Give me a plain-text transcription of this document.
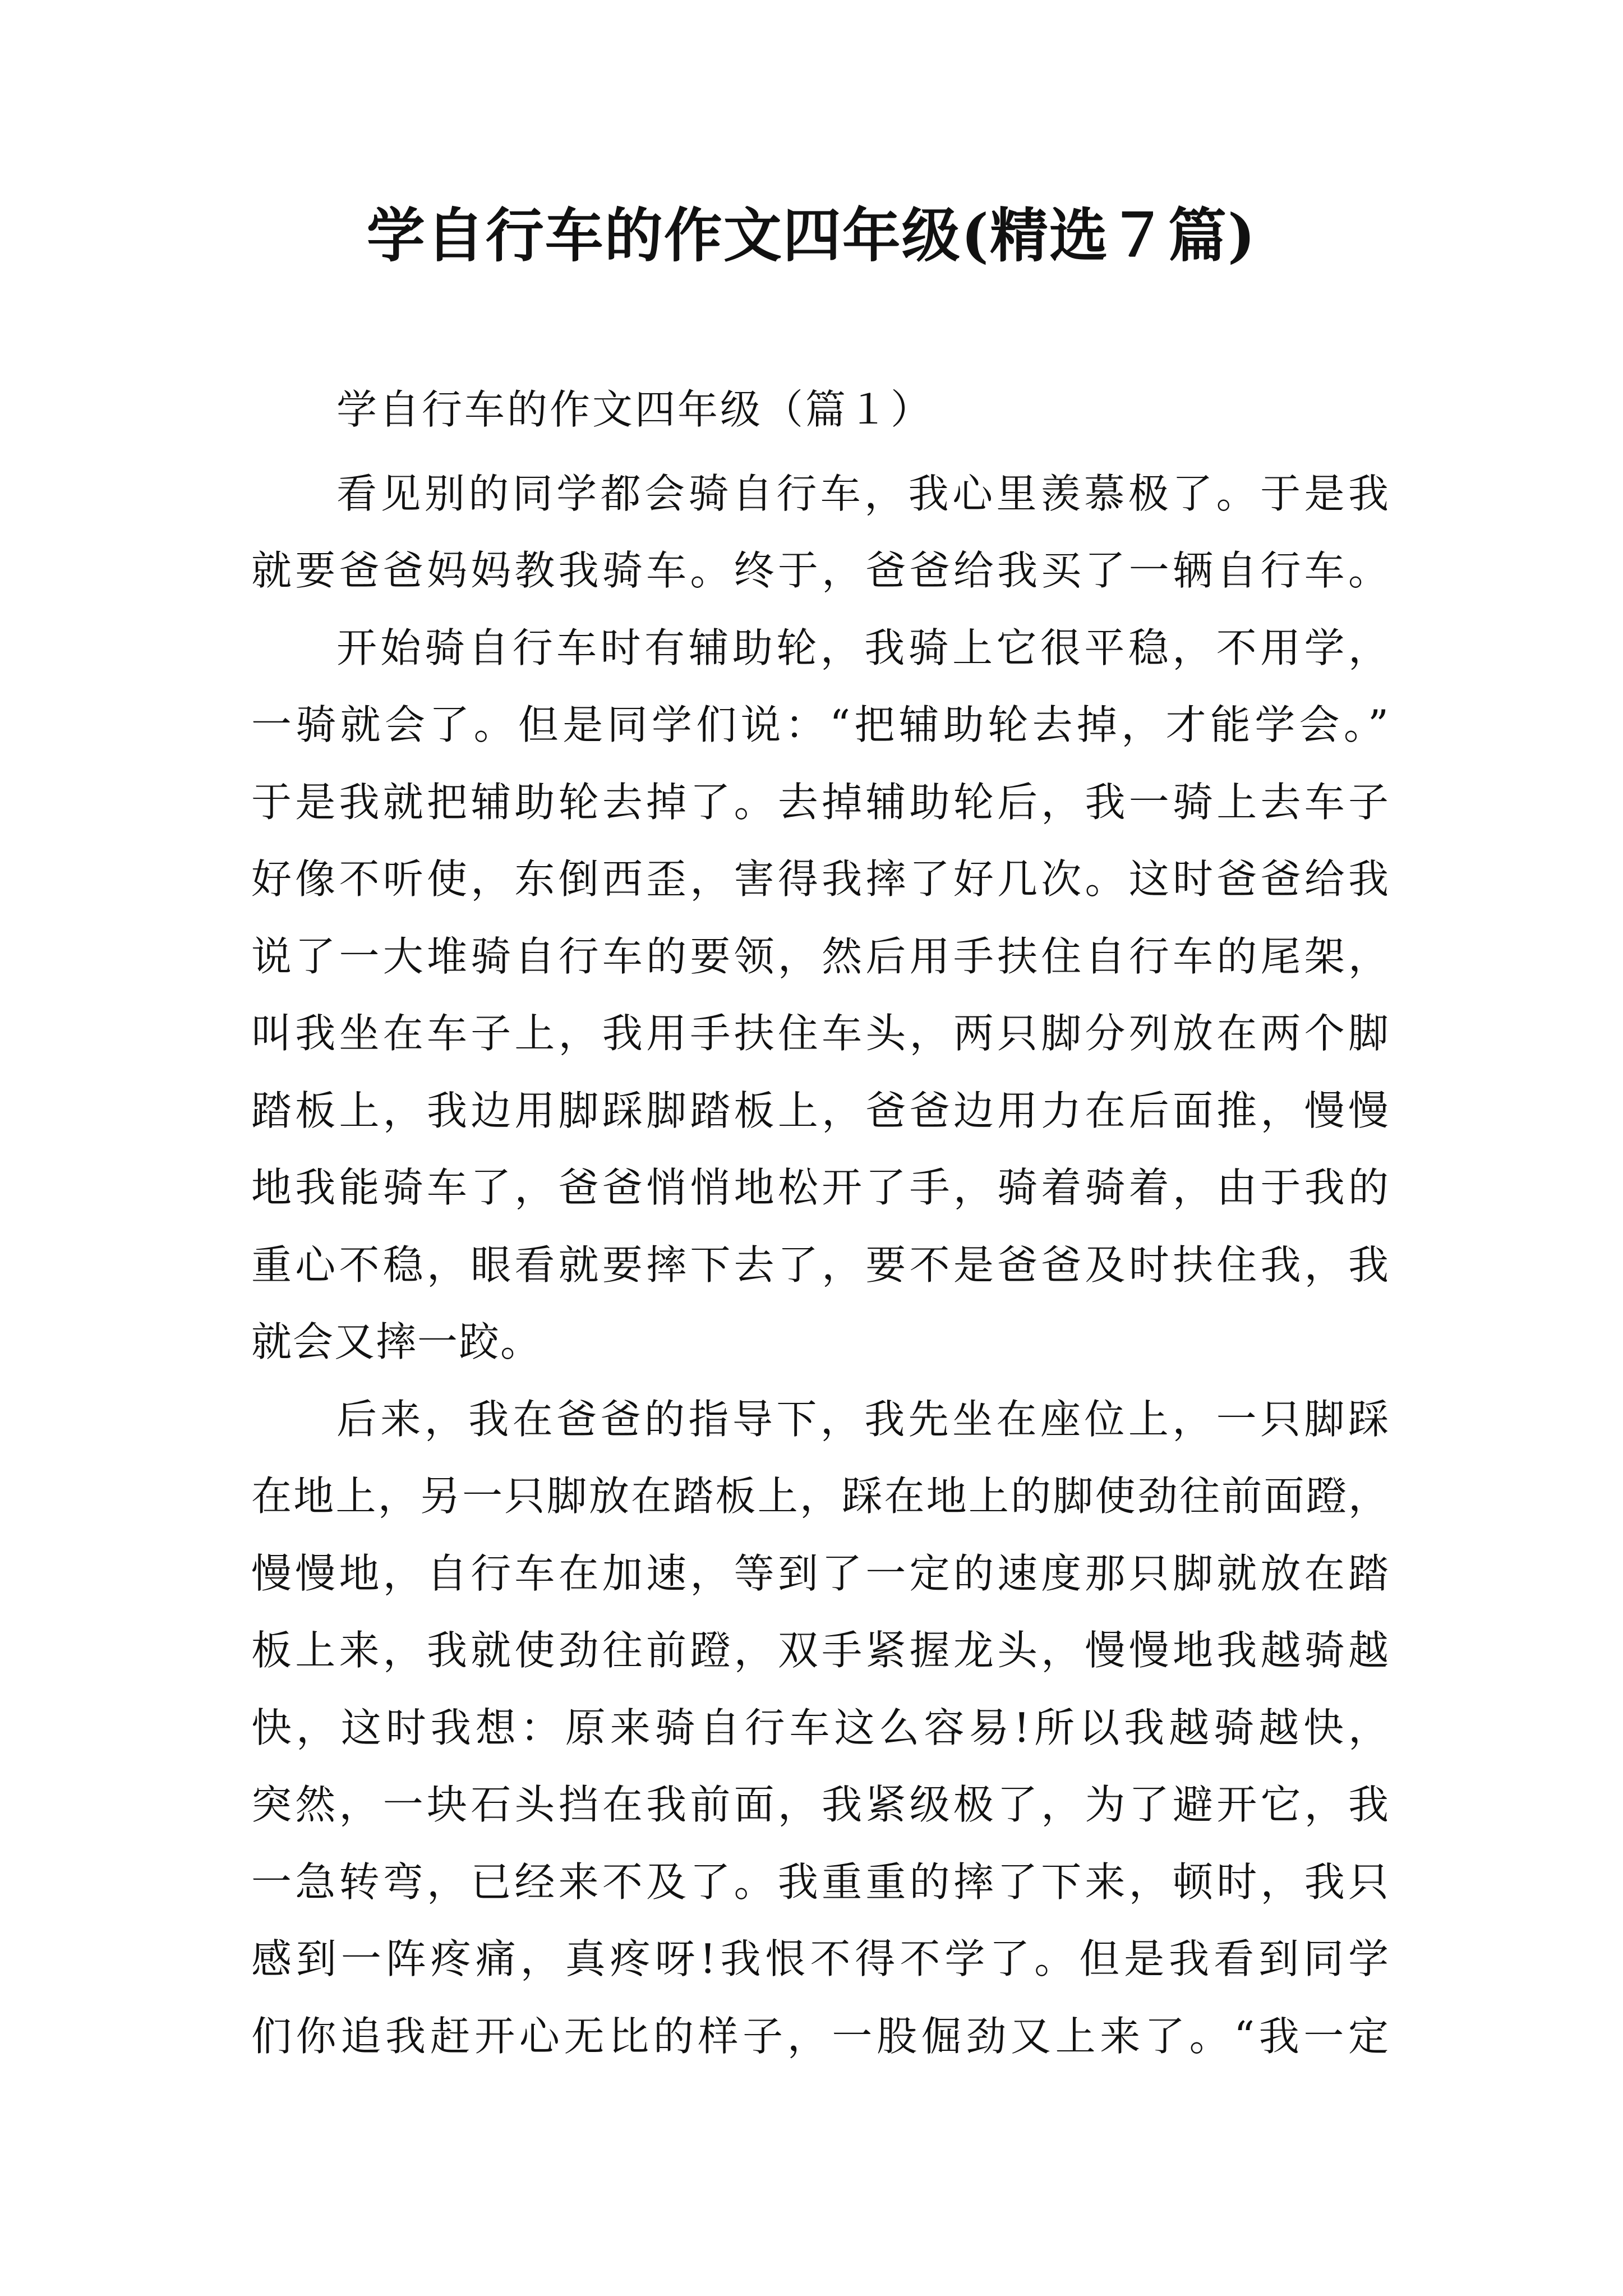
学自行车的作文四年级(精选７篇)
学自行车的作文四年级（篇１）
看见别的同学都会骑自行车，我心里羡慕极了。于是我
就要爸爸妈妈教我骑车。终于，爸爸给我买了一辆自行车。
开始骑自行车时有辅助轮，我骑上它很平稳，不用学，
一骑就会了。但是同学们说：“把辅助轮去掉，才能学会。”
于是我就把辅助轮去掉了。去掉辅助轮后，我一骑上去车子
好像不听使，东倒西歪，害得我摔了好几次。这时爸爸给我
说了一大堆骑自行车的要领，然后用手扶住自行车的尾架，
叫我坐在车子上，我用手扶住车头，两只脚分列放在两个脚
踏板上，我边用脚踩脚踏板上，爸爸边用力在后面推，慢慢
地我能骑车了，爸爸悄悄地松开了手，骑着骑着，由于我的
重心不稳，眼看就要摔下去了，要不是爸爸及时扶住我，我
就会又摔一跤。
后来，我在爸爸的指导下，我先坐在座位上，一只脚踩
在地上，另一只脚放在踏板上，踩在地上的脚使劲往前面蹬，
慢慢地，自行车在加速，等到了一定的速度那只脚就放在踏
板上来，我就使劲往前蹬，双手紧握龙头，慢慢地我越骑越
快，这时我想：原来骑自行车这么容易!所以我越骑越快，
突然，一块石头挡在我前面，我紧级极了，为了避开它，我
一急转弯，已经来不及了。我重重的摔了下来，顿时，我只
感到一阵疼痛，真疼呀!我恨不得不学了。但是我看到同学
们你追我赶开心无比的样子，一股倔劲又上来了。“我一定
